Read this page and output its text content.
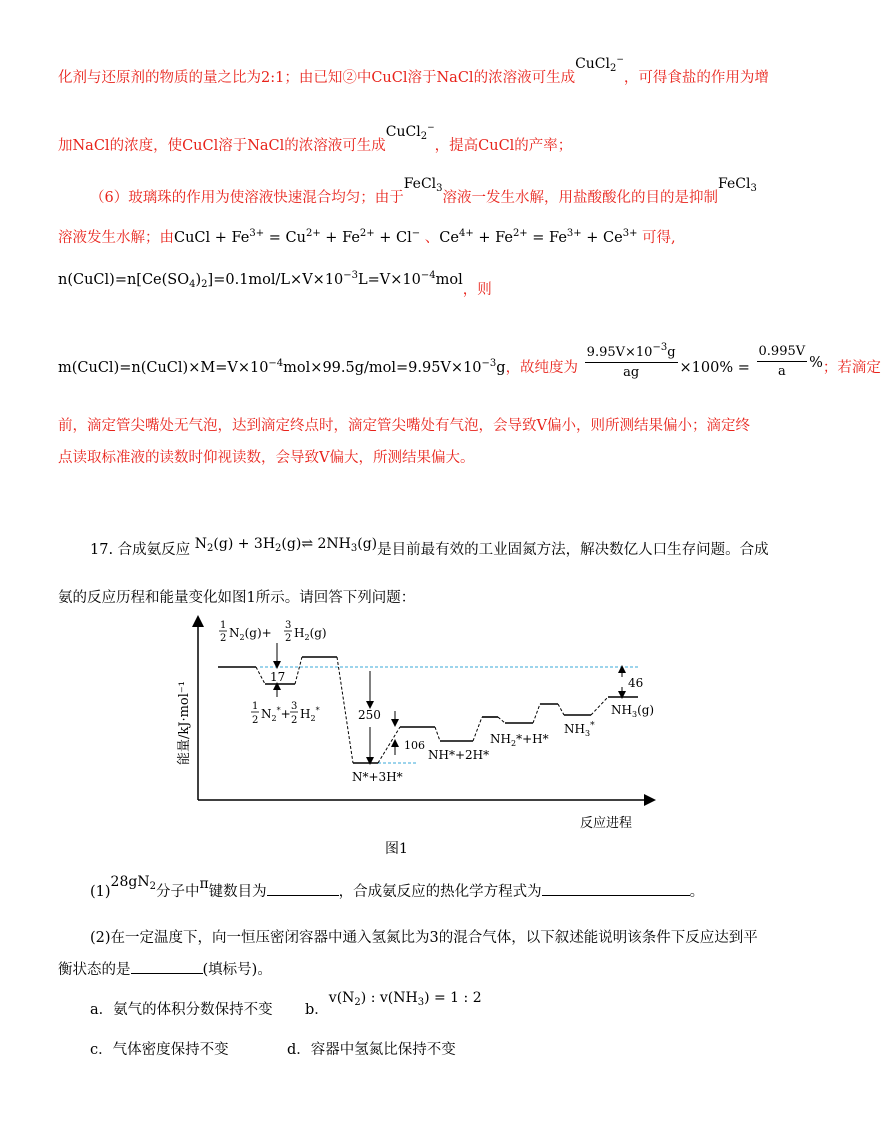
化剂与还原剂的物质的量之比为2:1；由已知②中CuCl溶于NaCl的浓溶液可生成CuCl$_2$−，可得食盐的作用为增
加NaCl的浓度，使CuCl溶于NaCl的浓溶液可生成CuCl$_2$−，提高CuCl的产率；
（6）玻璃珠的作用为使溶液快速混合均匀；由于FeCl$_3$溶液一发生水解，用盐酸酸化的目的是抑制FeCl$_3$
溶液发生水解；由CuCl + $Fe^{3+} = Cu^{2+} + Fe^{2+} + Cl^-$ 、$Ce^{4+} + Fe^{2+} = Fe^{3+} + Ce^{3+}$ 可得,
$n(CuCl)=n[Ce(SO_4)_2]=0.1mol/L\times V\times 10^{-3}L=V\times 10^{-4}mol$，则
$m(CuCl)=n(CuCl)\times M=V\times 10^{-4}mol\times 99.5g/mol=9.95V\times 10^{-3}g$，故纯度为 $\frac{9.95V\times 10^{-3}g}{ag} \times 100\% = \frac{0.995V}{a}$ %；若滴定
前，滴定管尖嘴处无气泡，达到滴定终点时，滴定管尖嘴处有气泡，会导致V偏小，则所测结果偏小；滴定终
点读取标准液的读数时仰视读数，会导致V偏大，所测结果偏大。
17. 合成氨反应 $N_2(g)$ + $3H_2(g)\rightleftharpoons$ $2NH_3(g)$是目前最有效的工业固氮方法，解决数亿人口生存问题。合成
氨的反应历程和能量变化如图1所示。请回答下列问题：
能量/kJ·mol⁻¹
反应进程
1
2 $N_2(g)+$
3
2 $H_2(g)$
17
1
2 $N_2^*+$
3
2 $H_2^*$	250
106
46
N*+3H*
NH*+2H*
$NH_2*+H*$
$NH_3^*$
$NH_3(g)$
图1
$(1)28gN_2$分子中π键数目为	，合成氨反应的热化学方程式为	。
(2)在一定温度下，向一恒压密闭容器中通入氢氮比为3的混合气体，以下叙述能说明该条件下反应达到平
衡状态的是	(填标号)。
a．氨气的体积分数保持不变 b．$v(N_2)$ : $v(NH_3) = 1$ : 2
c．气体密度保持不变	d．容器中氢氮比保持不变
